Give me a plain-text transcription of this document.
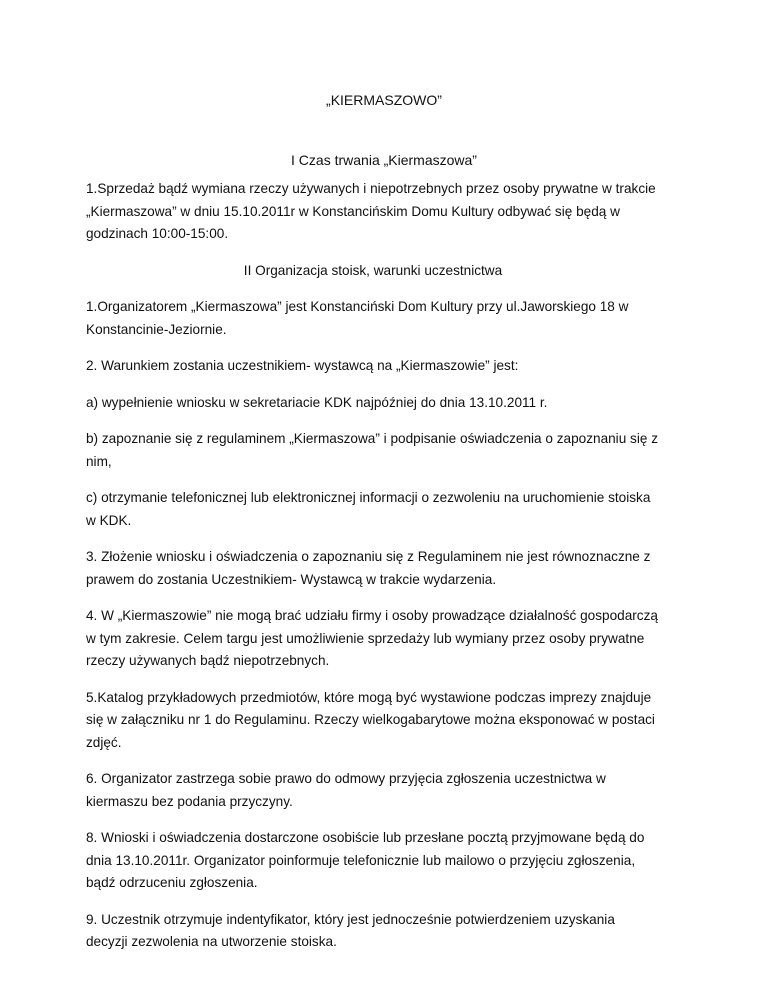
„KIERMASZOWO”

I Czas trwania „Kiermaszowa”

1.Sprzedaż bądź wymiana rzeczy używanych i niepotrzebnych przez osoby prywatne w trakcie „Kiermaszowa” w dniu 15.10.2011r w Konstancińskim Domu Kultury odbywać się będą w godzinach 10:00-15:00.

II Organizacja stoisk, warunki uczestnictwa

1.Organizatorem „Kiermaszowa” jest Konstanciński Dom Kultury przy ul.Jaworskiego 18 w Konstancinie-Jeziornie.

2. Warunkiem zostania uczestnikiem- wystawcą na „Kiermaszowie” jest:

a) wypełnienie wniosku w sekretariacie KDK najpóźniej do dnia 13.10.2011 r.

b) zapoznanie się z regulaminem „Kiermaszowa” i podpisanie oświadczenia o zapoznaniu się z nim,

c) otrzymanie telefonicznej lub elektronicznej informacji o zezwoleniu na uruchomienie stoiska w KDK.

3. Złożenie wniosku i oświadczenia o zapoznaniu się z Regulaminem nie jest równoznaczne z prawem do zostania Uczestnikiem- Wystawcą w trakcie wydarzenia.

4. W „Kiermaszowie” nie mogą brać udziału firmy i osoby prowadzące działalność gospodarczą w tym zakresie. Celem targu jest umożliwienie sprzedaży lub wymiany przez osoby prywatne rzeczy używanych bądź niepotrzebnych.

5.Katalog przykładowych przedmiotów, które mogą być wystawione podczas imprezy znajduje się w załączniku nr 1 do Regulaminu. Rzeczy wielkogabarytowe można eksponować w postaci zdjęć.

6. Organizator zastrzega sobie prawo do odmowy przyjęcia zgłoszenia uczestnictwa w kiermaszu bez podania przyczyny.

8. Wnioski i oświadczenia dostarczone osobiście lub przesłane pocztą przyjmowane będą do dnia 13.10.2011r. Organizator poinformuje telefonicznie lub mailowo o przyjęciu zgłoszenia, bądź odrzuceniu zgłoszenia.

9. Uczestnik otrzymuje indentyfikator, który jest jednocześnie potwierdzeniem uzyskania decyzji zezwolenia na utworzenie stoiska.
